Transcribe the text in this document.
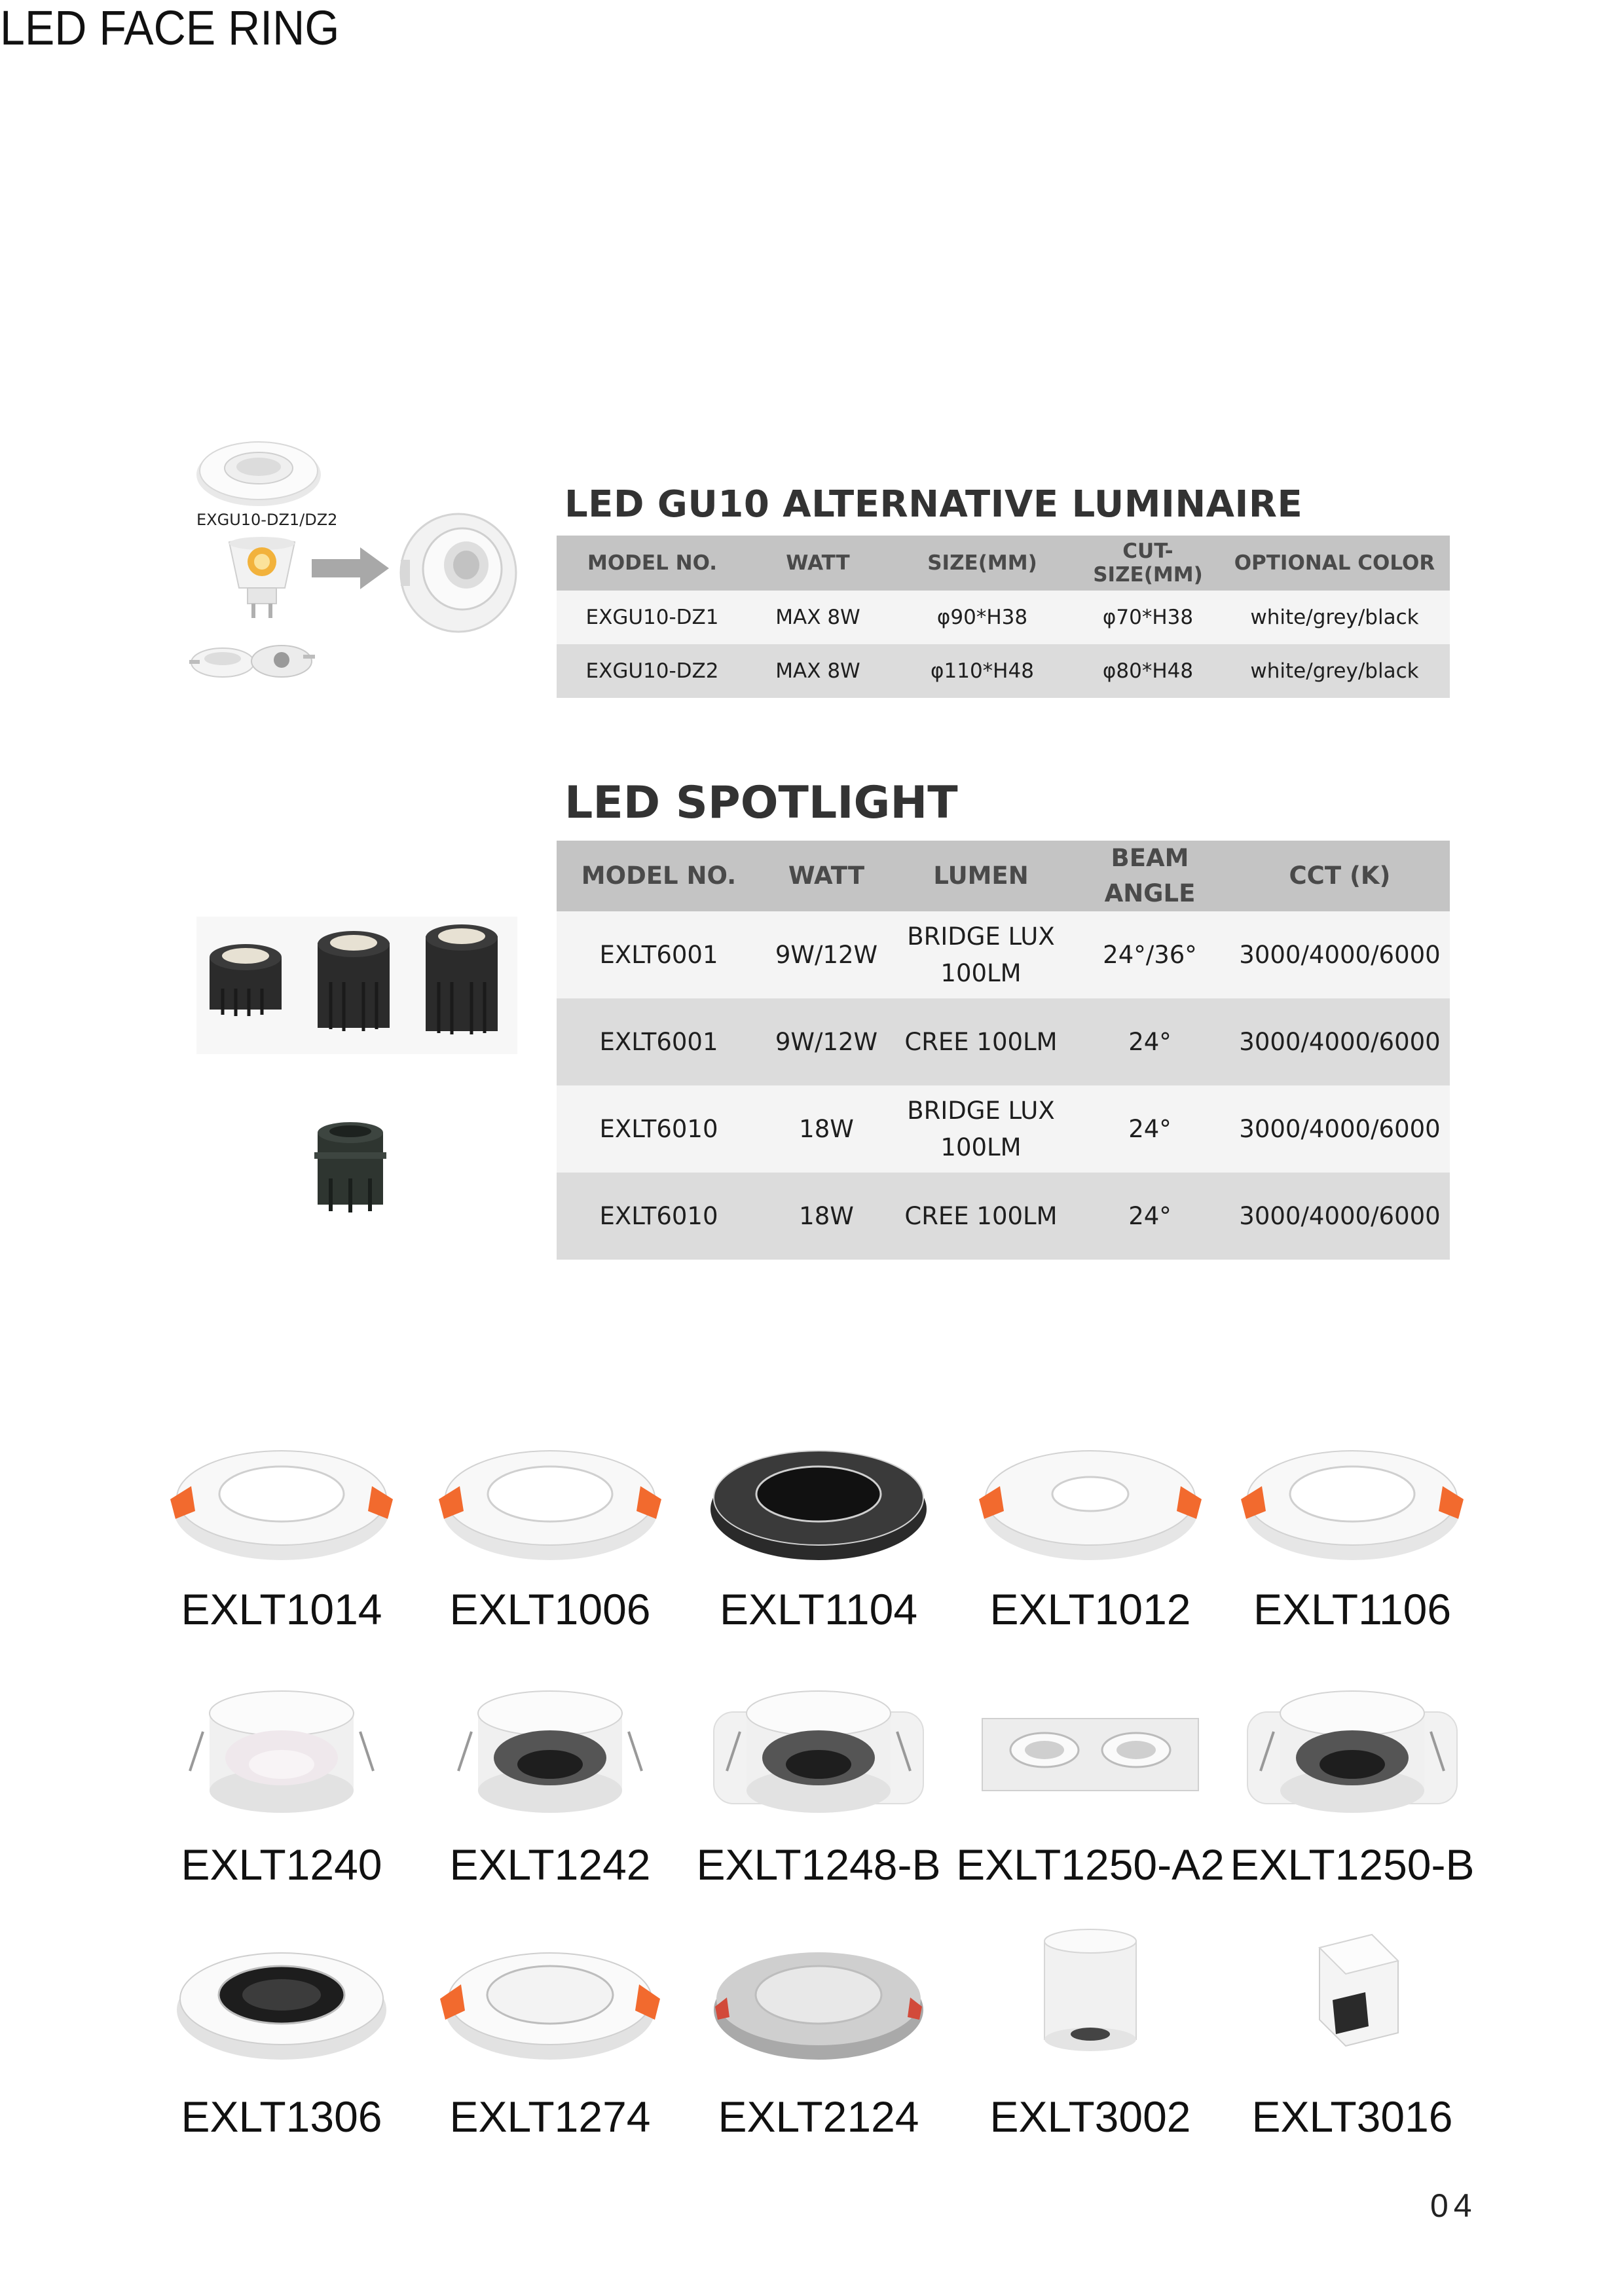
LED GU10 ALTERNATIVE LUMINAIRE
EXGU10-DZ1/DZ2
MODEL NO.	WATT	SIZE(MM)	CUT-SIZE(MM)	OPTIONAL COLOR
EXGU10-DZ1	MAX 8W	φ90*H38	φ70*H38	white/grey/black
EXGU10-DZ2	MAX 8W	φ110*H48	φ80*H48	white/grey/black
LED SPOTLIGHT
MODEL NO.	WATT	LUMEN	BEAM ANGLE	CCT (K)
EXLT6001	9W/12W	BRIDGE LUX 100LM	24°/36°	3000/4000/6000
EXLT6001	9W/12W	CREE 100LM	24°	3000/4000/6000
EXLT6010	18W	BRIDGE LUX 100LM	24°	3000/4000/6000
EXLT6010	18W	CREE 100LM	24°	3000/4000/6000
LED FACE RING
EXLT1014	EXLT1006	EXLT1104	EXLT1012	EXLT1106
EXLT1240	EXLT1242	EXLT1248-B EXLT1250-A2 EXLT1250-B
EXLT1306	EXLT1274	EXLT2124	EXLT3002	EXLT3016
04
